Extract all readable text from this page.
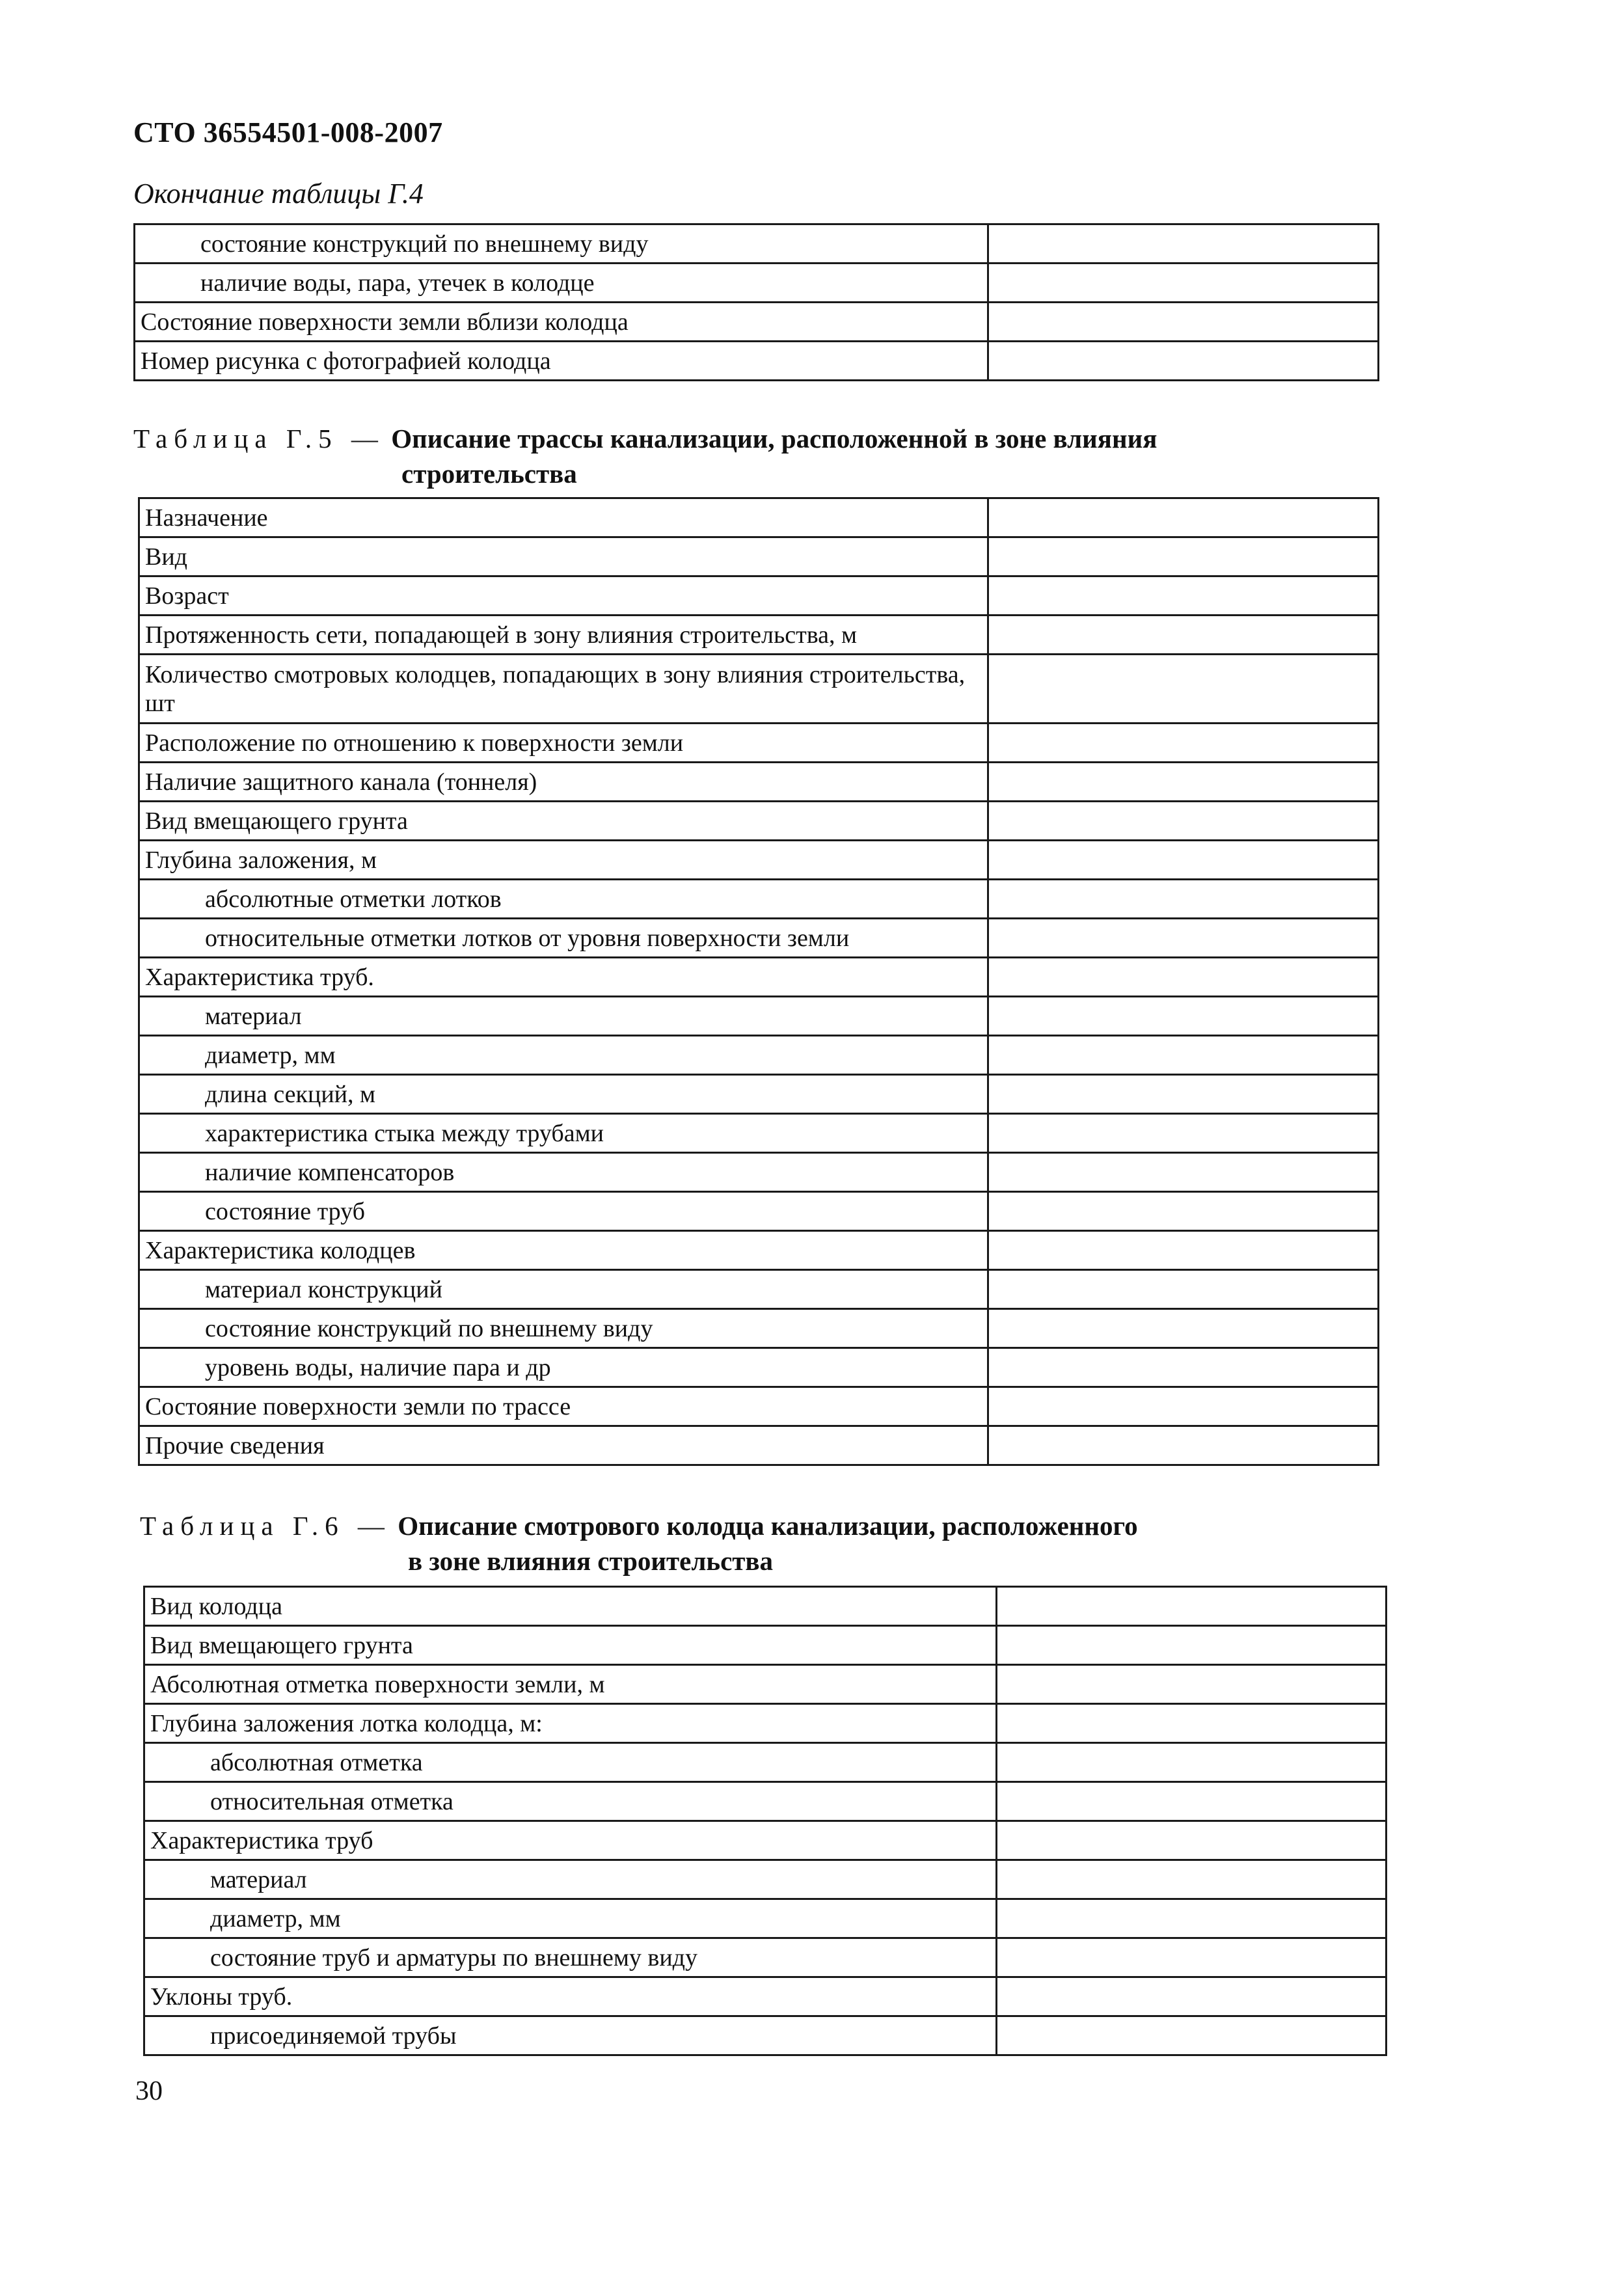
СТО 36554501-008-2007
Окончание таблицы Г.4
состояние конструкций по внешнему виду	
наличие воды, пара, утечек в колодце	
Состояние поверхности земли вблизи колодца	
Номер рисунка с фотографией колодца	
Таблица Г.5 — Описание трассы канализации, расположенной в зоне влияния
строительства
Назначение	
Вид	
Возраст	
Протяженность сети, попадающей в зону влияния строительства, м	
Количество смотровых колодцев, попадающих в зону влияния строительства, шт	
Расположение по отношению к поверхности земли	
Наличие защитного канала (тоннеля)	
Вид вмещающего грунта	
Глубина заложения, м	
абсолютные отметки лотков	
относительные отметки лотков от уровня поверхности земли	
Характеристика труб.	
материал	
диаметр, мм	
длина секций, м	
характеристика стыка между трубами	
наличие компенсаторов	
состояние труб	
Характеристика колодцев	
материал конструкций	
состояние конструкций по внешнему виду	
уровень воды, наличие пара и др	
Состояние поверхности земли по трассе	
Прочие сведения	
Таблица Г.6 — Описание смотрового колодца канализации, расположенного
в зоне влияния строительства
Вид колодца	
Вид вмещающего грунта	
Абсолютная отметка поверхности земли, м	
Глубина заложения лотка колодца, м:	
абсолютная отметка	
относительная отметка	
Характеристика труб	
материал	
диаметр, мм	
состояние труб и арматуры по внешнему виду	
Уклоны труб.	
присоединяемой трубы	
30
